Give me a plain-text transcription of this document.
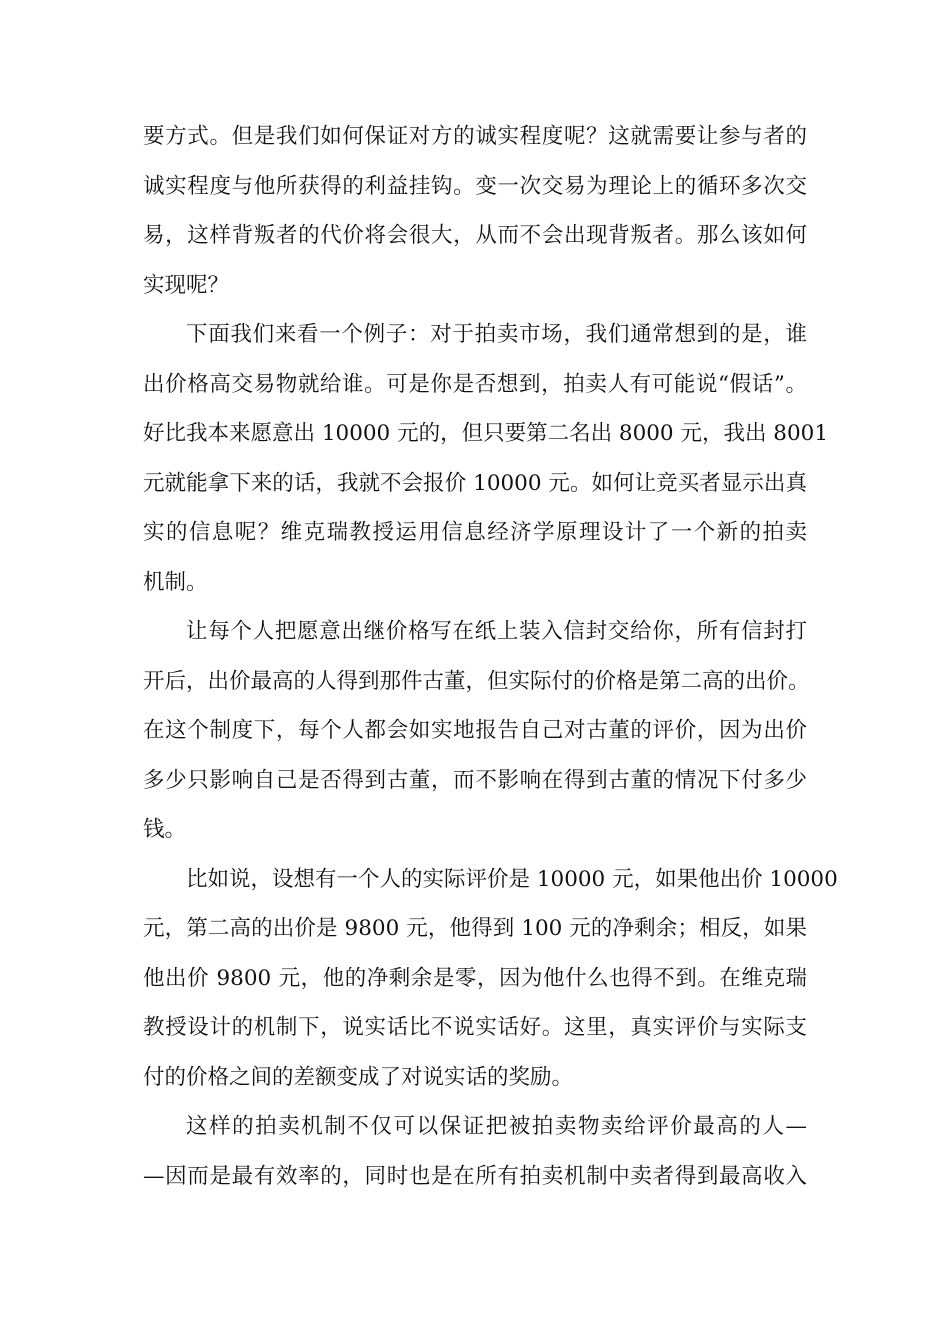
要方式。但是我们如何保证对方的诚实程度呢？这就需要让参与者的
诚实程度与他所获得的利益挂钩。变一次交易为理论上的循环多次交
易，这样背叛者的代价将会很大，从而不会出现背叛者。那么该如何
实现呢？
下面我们来看一个例子：对于拍卖市场，我们通常想到的是，谁
出价格高交易物就给谁。可是你是否想到，拍卖人有可能说“假话”。
好比我本来愿意出 10000 元的，但只要第二名出 8000 元，我出 8001
元就能拿下来的话，我就不会报价 10000 元。如何让竞买者显示出真
实的信息呢？维克瑞教授运用信息经济学原理设计了一个新的拍卖
机制。
让每个人把愿意出继价格写在纸上装入信封交给你，所有信封打
开后，出价最高的人得到那件古董，但实际付的价格是第二高的出价。
在这个制度下，每个人都会如实地报告自己对古董的评价，因为出价
多少只影响自己是否得到古董，而不影响在得到古董的情况下付多少
钱。
比如说，设想有一个人的实际评价是 10000 元，如果他出价 10000
元，第二高的出价是 9800 元，他得到 100 元的净剩余；相反，如果
他出价 9800 元，他的净剩余是零，因为他什么也得不到。在维克瑞
教授设计的机制下，说实话比不说实话好。这里，真实评价与实际支
付的价格之间的差额变成了对说实话的奖励。
这样的拍卖机制不仅可以保证把被拍卖物卖给评价最高的人—
—因而是最有效率的，同时也是在所有拍卖机制中卖者得到最高收入
